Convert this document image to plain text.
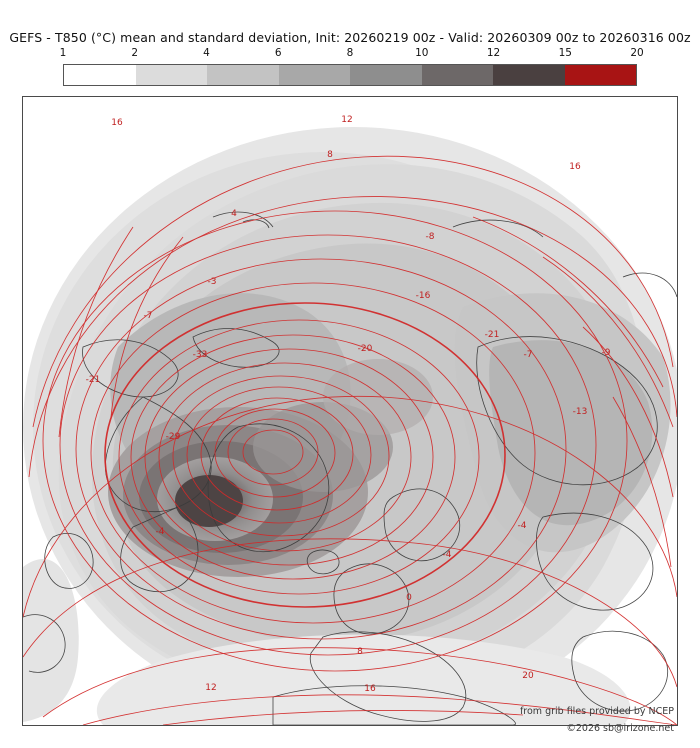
GEFS - T850 (°C) mean and standard deviation, Init: 20260219 00z - Valid: 20260309 00z to 20260316 00z
1	2	4	6	8	10	12	15	20
16	12
8
16
4
-8
-3
-16
-7
-21
-7
-20
-33	-9
-21
-13
-29
-4
-4
-4
0
8
20
12	16
from grib files provided by NCEP
©2026 sb@irizone.net
